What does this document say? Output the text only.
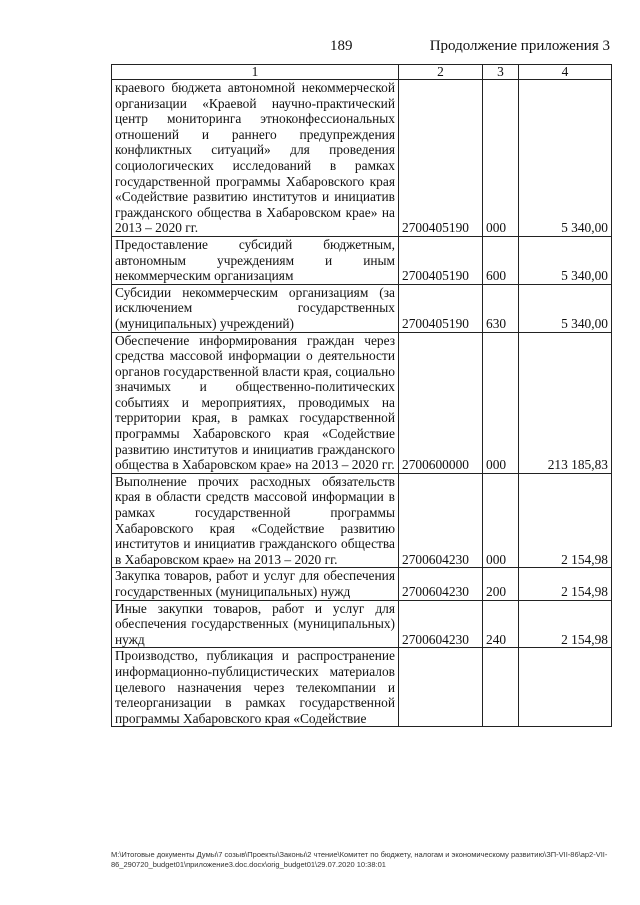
189	Продолжение приложения 3
1	2	3	4
краевого бюджета автономной некоммерческой организации «Краевой научно-практический центр мониторинга этноконфессиональных отношений и раннего предупреждения конфликтных ситуаций» для проведения социологических исследований в рамках государственной программы Хабаровского края «Содействие развитию институтов и инициатив гражданского общества в Хабаровском крае» на 2013 – 2020 гг.	2700405190	000	5 340,00
Предоставление субсидий бюджетным, автономным учреждениям и иным некоммерческим организациям	2700405190	600	5 340,00
Субсидии некоммерческим организациям (за исключением государственных (муниципальных) учреждений)	2700405190	630	5 340,00
Обеспечение информирования граждан через средства массовой информации о деятельности органов государственной власти края, социально значимых и общественно-политических событиях и мероприятиях, проводимых на территории края, в рамках государственной программы Хабаровского края «Содействие развитию институтов и инициатив гражданского общества в Хабаровском крае» на 2013 – 2020 гг.	2700600000	000	213 185,83
Выполнение прочих расходных обязательств края в области средств массовой информации в рамках государственной программы Хабаровского края «Содействие развитию институтов и инициатив гражданского общества в Хабаровском крае» на 2013 – 2020 гг.	2700604230	000	2 154,98
Закупка товаров, работ и услуг для обеспечения государственных (муниципальных) нужд	2700604230	200	2 154,98
Иные закупки товаров, работ и услуг для обеспечения государственных (муниципальных) нужд	2700604230	240	2 154,98
Производство, публикация и распространение информационно-публицистических материалов целевого назначения через телекомпании и телеорганизации в рамках государственной программы Хабаровского края «Содействие			
M:\Итоговые документы Думы\7 созыв\Проекты\Законы\2 чтение\Комитет по бюджету, налогам и экономическому развитию\ЗП-VII-86\ap2-VII-86_290720_budget01\приложение3.doc.docx\orig_budget01\29.07.2020 10:38:01
